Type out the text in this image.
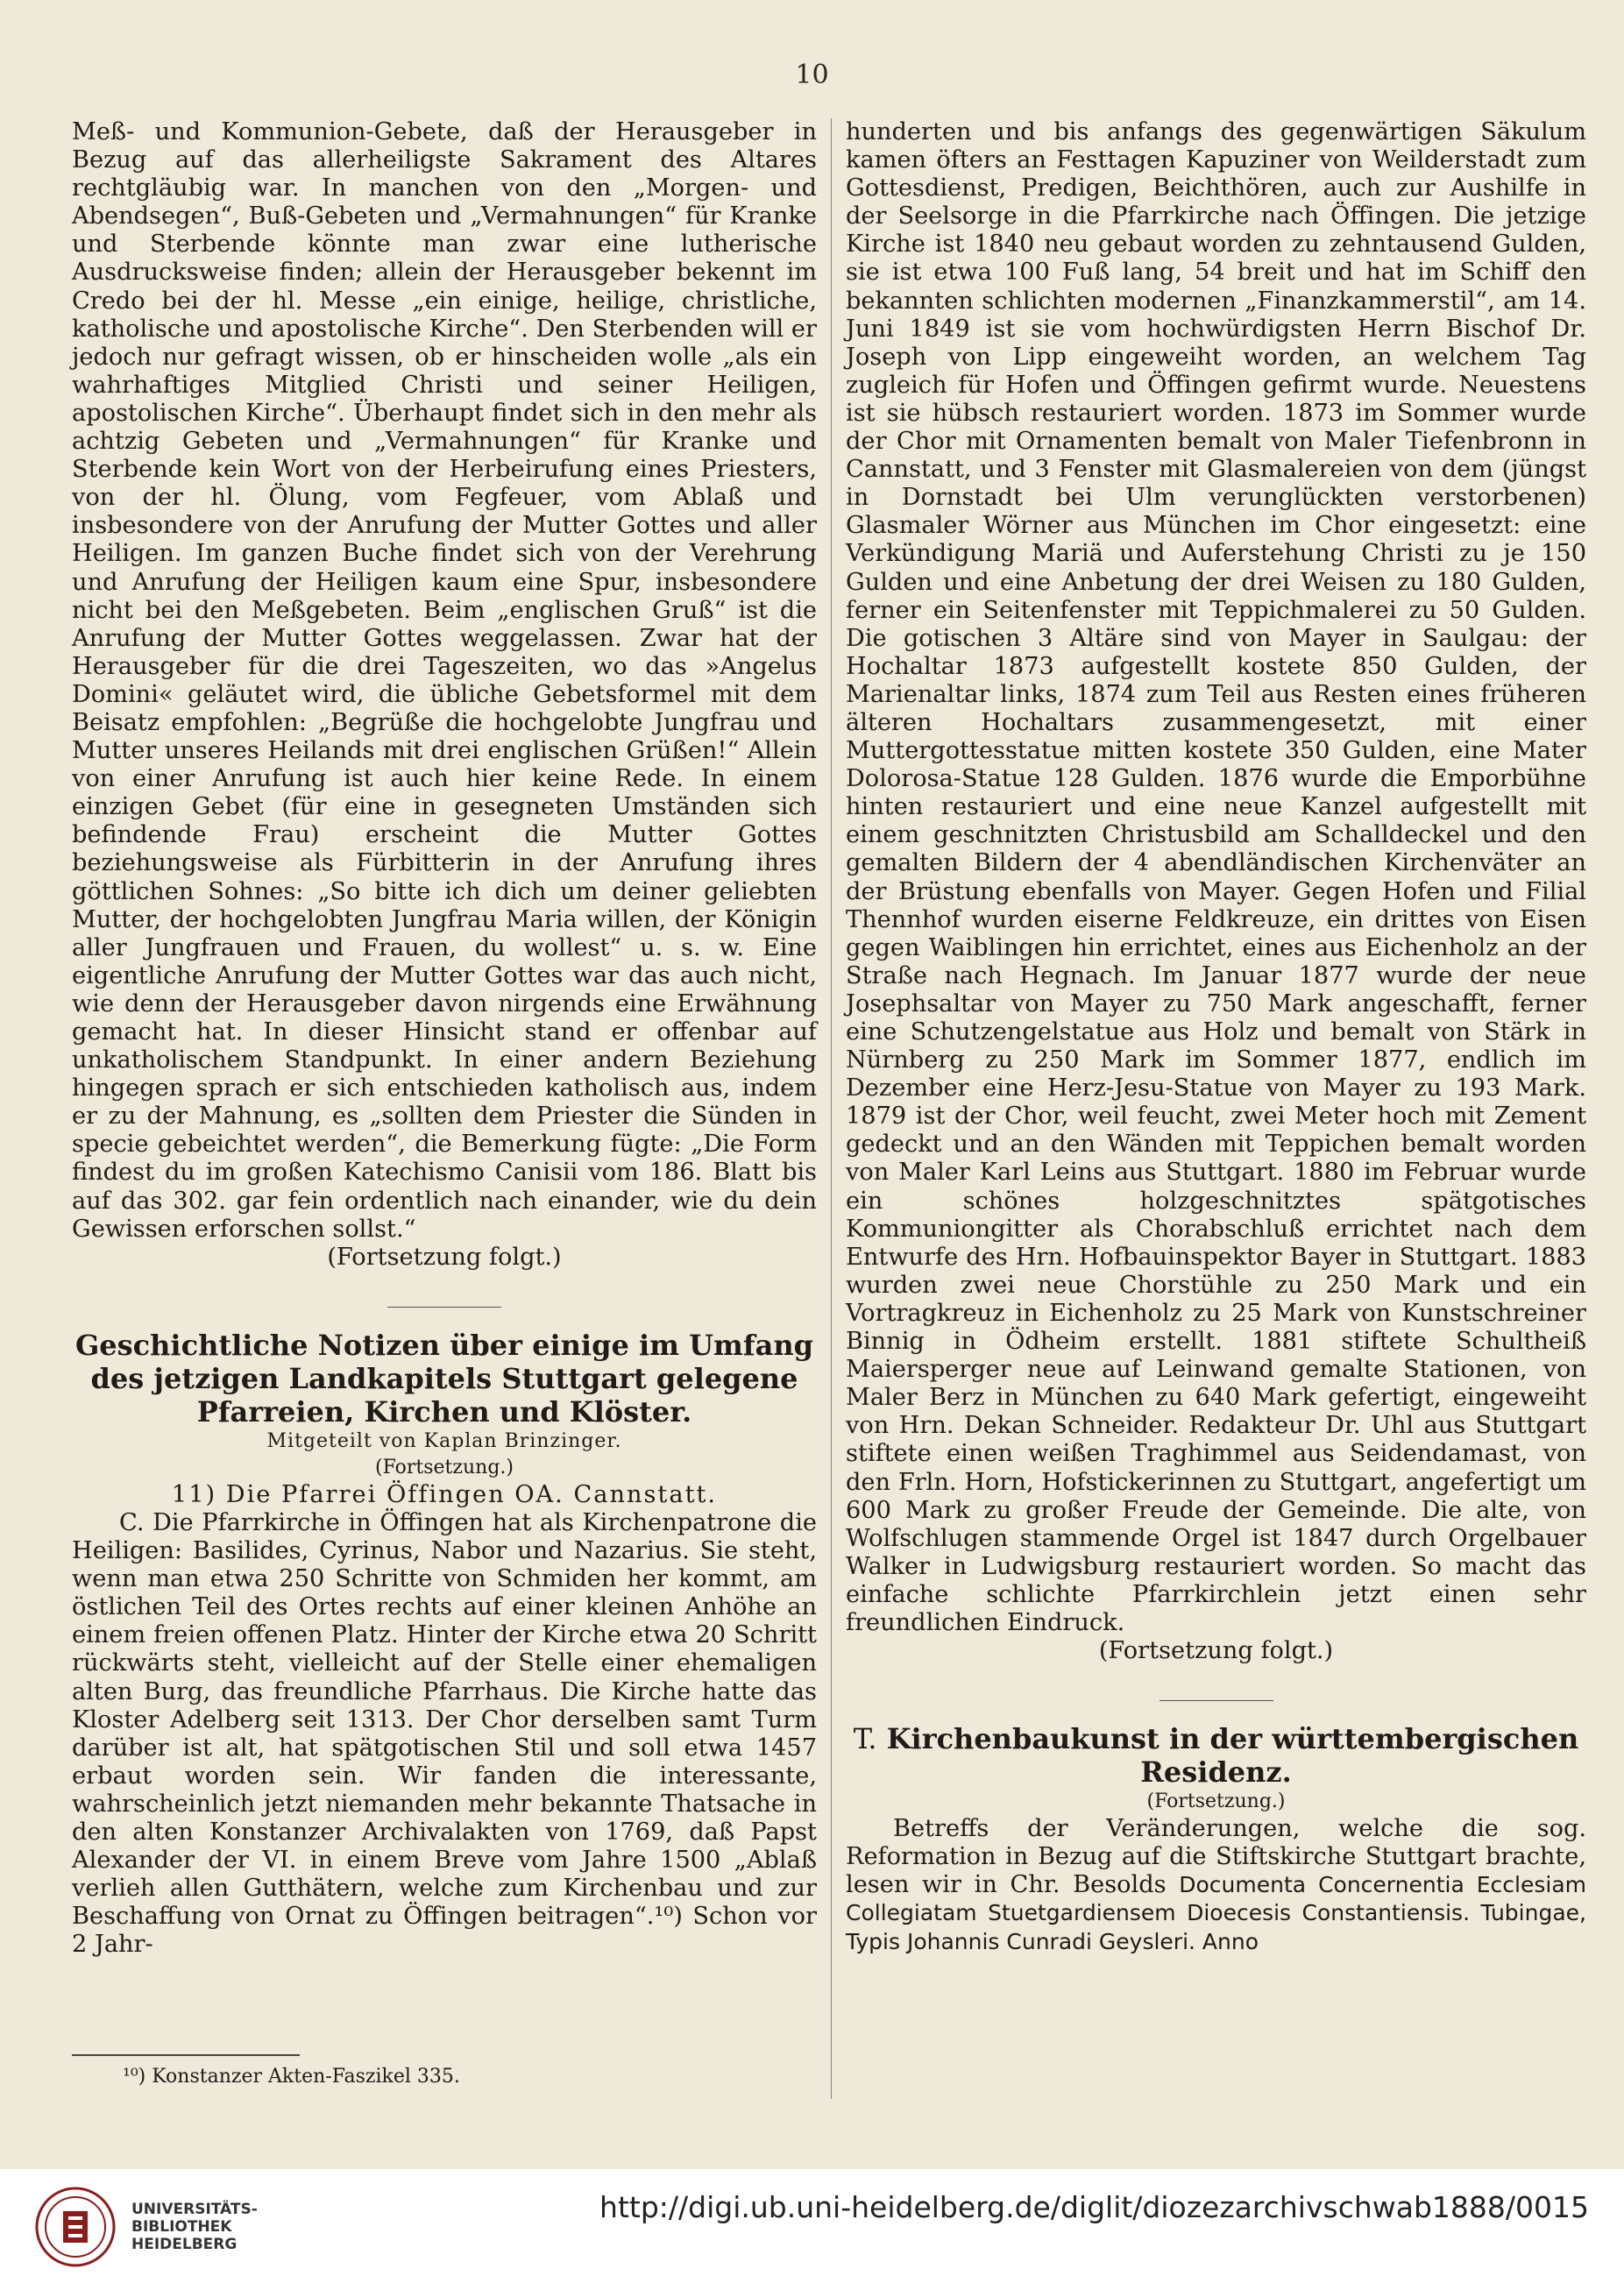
10

Meß- und Kommunion-Gebete, daß der Herausgeber in Bezug auf das allerheiligste Sakrament des Altares rechtgläubig war. In manchen von den „Morgen- und Abendsegen“, Buß-Gebeten und „Vermahnungen“ für Kranke und Sterbende könnte man zwar eine lutherische Ausdrucksweise finden; allein der Herausgeber bekennt im Credo bei der hl. Messe „ein einige, heilige, christliche, katholische und apostolische Kirche“. Den Sterbenden will er jedoch nur gefragt wissen, ob er hinscheiden wolle „als ein wahrhaftiges Mitglied Christi und seiner Heiligen, apostolischen Kirche“. Überhaupt findet sich in den mehr als achtzig Gebeten und „Vermahnungen“ für Kranke und Sterbende kein Wort von der Herbeirufung eines Priesters, von der hl. Ölung, vom Fegfeuer, vom Ablaß und insbesondere von der Anrufung der Mutter Gottes und aller Heiligen. Im ganzen Buche findet sich von der Verehrung und Anrufung der Heiligen kaum eine Spur, insbesondere nicht bei den Meßgebeten. Beim „englischen Gruß“ ist die Anrufung der Mutter Gottes weggelassen. Zwar hat der Herausgeber für die drei Tageszeiten, wo das »Angelus Domini« geläutet wird, die übliche Gebetsformel mit dem Beisatz empfohlen: „Begrüße die hochgelobte Jungfrau und Mutter unseres Heilands mit drei englischen Grüßen!“ Allein von einer Anrufung ist auch hier keine Rede. In einem einzigen Gebet (für eine in gesegneten Umständen sich befindende Frau) erscheint die Mutter Gottes beziehungsweise als Fürbitterin in der Anrufung ihres göttlichen Sohnes: „So bitte ich dich um deiner geliebten Mutter, der hochgelobten Jungfrau Maria willen, der Königin aller Jungfrauen und Frauen, du wollest“ u. s. w. Eine eigentliche Anrufung der Mutter Gottes war das auch nicht, wie denn der Herausgeber davon nirgends eine Erwähnung gemacht hat. In dieser Hinsicht stand er offenbar auf unkatholischem Standpunkt. In einer andern Beziehung hingegen sprach er sich entschieden katholisch aus, indem er zu der Mahnung, es „sollten dem Priester die Sünden in specie gebeichtet werden“, die Bemerkung fügte: „Die Form findest du im großen Katechismo Canisii vom 186. Blatt bis auf das 302. gar fein ordentlich nach einander, wie du dein Gewissen erforschen sollst.“

(Fortsetzung folgt.)

Geschichtliche Notizen über einige im Umfang des jetzigen Landkapitels Stuttgart gelegene Pfarreien, Kirchen und Klöster.

Mitgeteilt von Kaplan Brinzinger.

(Fortsetzung.)

11) Die Pfarrei Öffingen OA. Cannstatt.

C. Die Pfarrkirche in Öffingen hat als Kirchenpatrone die Heiligen: Basilides, Cyrinus, Nabor und Nazarius. Sie steht, wenn man etwa 250 Schritte von Schmiden her kommt, am östlichen Teil des Ortes rechts auf einer kleinen Anhöhe an einem freien offenen Platz. Hinter der Kirche etwa 20 Schritt rückwärts steht, vielleicht auf der Stelle einer ehemaligen alten Burg, das freundliche Pfarrhaus. Die Kirche hatte das Kloster Adelberg seit 1313. Der Chor derselben samt Turm darüber ist alt, hat spätgotischen Stil und soll etwa 1457 erbaut worden sein. Wir fanden die interessante, wahrscheinlich jetzt niemanden mehr bekannte Thatsache in den alten Konstanzer Archivalakten von 1769, daß Papst Alexander der VI. in einem Breve vom Jahre 1500 „Ablaß verlieh allen Gutthätern, welche zum Kirchenbau und zur Beschaffung von Ornat zu Öffingen beitragen“.¹⁰) Schon vor 2 Jahr-

hunderten und bis anfangs des gegenwärtigen Säkulum kamen öfters an Festtagen Kapuziner von Weilderstadt zum Gottesdienst, Predigen, Beichthören, auch zur Aushilfe in der Seelsorge in die Pfarrkirche nach Öffingen. Die jetzige Kirche ist 1840 neu gebaut worden zu zehntausend Gulden, sie ist etwa 100 Fuß lang, 54 breit und hat im Schiff den bekannten schlichten modernen „Finanzkammerstil“, am 14. Juni 1849 ist sie vom hochwürdigsten Herrn Bischof Dr. Joseph von Lipp eingeweiht worden, an welchem Tag zugleich für Hofen und Öffingen gefirmt wurde. Neuestens ist sie hübsch restauriert worden. 1873 im Sommer wurde der Chor mit Ornamenten bemalt von Maler Tiefenbronn in Cannstatt, und 3 Fenster mit Glasmalereien von dem (jüngst in Dornstadt bei Ulm verunglückten verstorbenen) Glasmaler Wörner aus München im Chor eingesetzt: eine Verkündigung Mariä und Auferstehung Christi zu je 150 Gulden und eine Anbetung der drei Weisen zu 180 Gulden, ferner ein Seitenfenster mit Teppichmalerei zu 50 Gulden. Die gotischen 3 Altäre sind von Mayer in Saulgau: der Hochaltar 1873 aufgestellt kostete 850 Gulden, der Marienaltar links, 1874 zum Teil aus Resten eines früheren älteren Hochaltars zusammengesetzt, mit einer Muttergottesstatue mitten kostete 350 Gulden, eine Mater Dolorosa-Statue 128 Gulden. 1876 wurde die Emporbühne hinten restauriert und eine neue Kanzel aufgestellt mit einem geschnitzten Christusbild am Schalldeckel und den gemalten Bildern der 4 abendländischen Kirchenväter an der Brüstung ebenfalls von Mayer. Gegen Hofen und Filial Thennhof wurden eiserne Feldkreuze, ein drittes von Eisen gegen Waiblingen hin errichtet, eines aus Eichenholz an der Straße nach Hegnach. Im Januar 1877 wurde der neue Josephsaltar von Mayer zu 750 Mark angeschafft, ferner eine Schutzengelstatue aus Holz und bemalt von Stärk in Nürnberg zu 250 Mark im Sommer 1877, endlich im Dezember eine Herz-Jesu-Statue von Mayer zu 193 Mark. 1879 ist der Chor, weil feucht, zwei Meter hoch mit Zement gedeckt und an den Wänden mit Teppichen bemalt worden von Maler Karl Leins aus Stuttgart. 1880 im Februar wurde ein schönes holzgeschnitztes spätgotisches Kommuniongitter als Chorabschluß errichtet nach dem Entwurfe des Hrn. Hofbauinspektor Bayer in Stuttgart. 1883 wurden zwei neue Chorstühle zu 250 Mark und ein Vortragkreuz in Eichenholz zu 25 Mark von Kunstschreiner Binnig in Ödheim erstellt. 1881 stiftete Schultheiß Maiersperger neue auf Leinwand gemalte Stationen, von Maler Berz in München zu 640 Mark gefertigt, eingeweiht von Hrn. Dekan Schneider. Redakteur Dr. Uhl aus Stuttgart stiftete einen weißen Traghimmel aus Seidendamast, von den Frln. Horn, Hofstickerinnen zu Stuttgart, angefertigt um 600 Mark zu großer Freude der Gemeinde. Die alte, von Wolfschlugen stammende Orgel ist 1847 durch Orgelbauer Walker in Ludwigsburg restauriert worden. So macht das einfache schlichte Pfarrkirchlein jetzt einen sehr freundlichen Eindruck.

(Fortsetzung folgt.)

T. Kirchenbaukunst in der württembergischen Residenz.

(Fortsetzung.)

Betreffs der Veränderungen, welche die sog. Reformation in Bezug auf die Stiftskirche Stuttgart brachte, lesen wir in Chr. Besolds Documenta Concernentia Ecclesiam Collegiatam Stuetgardiensem Dioecesis Constantiensis. Tubingae, Typis Johannis Cunradi Geysleri. Anno

¹⁰) Konstanzer Akten-Faszikel 335.
UNIVERSITÄTS-
BIBLIOTHEK
HEIDELBERG
http://digi.ub.uni-heidelberg.de/diglit/diozezarchivschwab1888/0015
